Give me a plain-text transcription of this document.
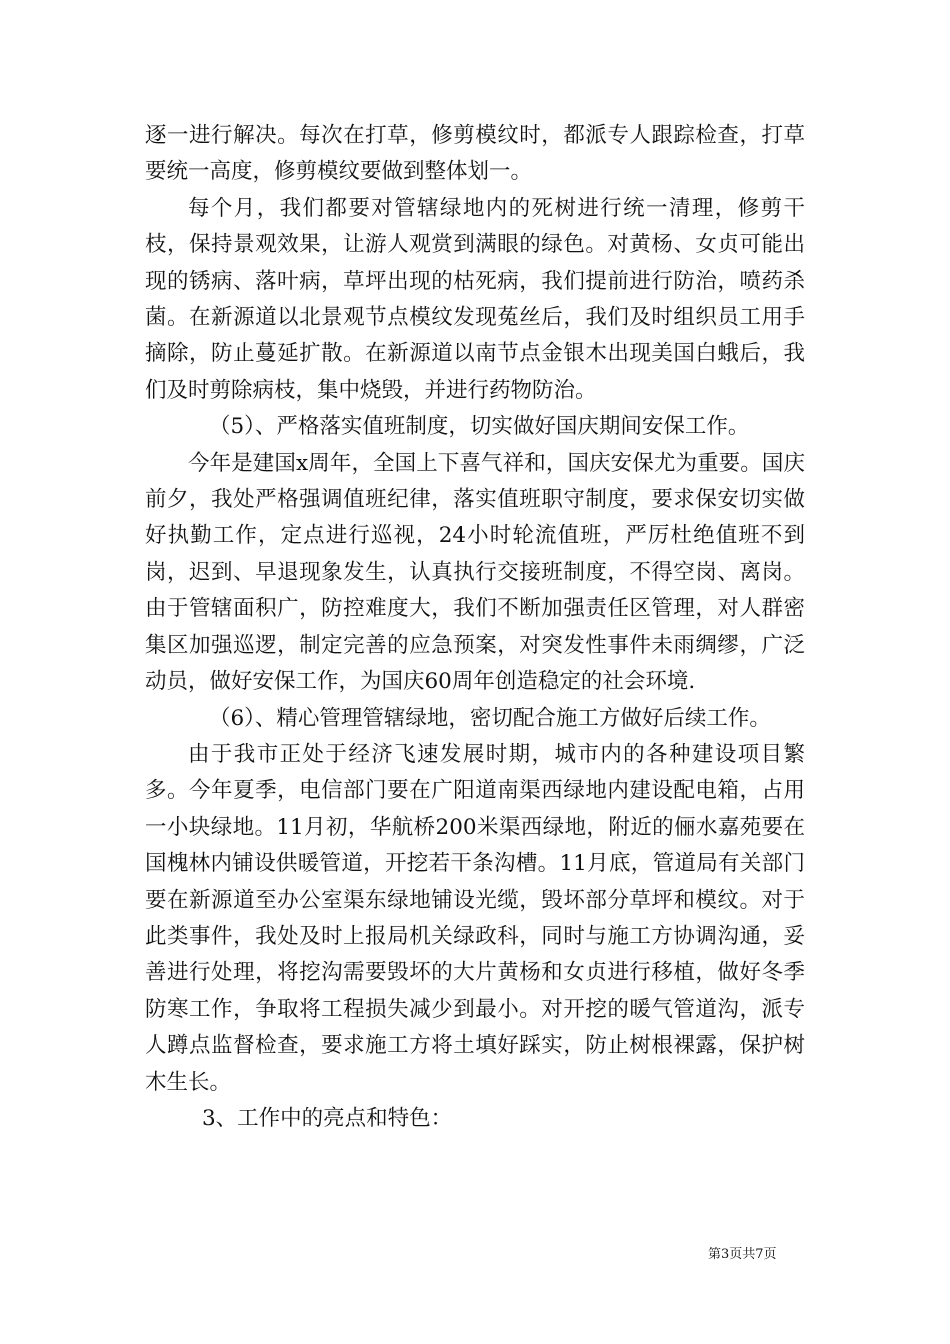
逐一进行解决。每次在打草，修剪模纹时，都派专人跟踪检查，打草要统一高度，修剪模纹要做到整体划一。

每个月，我们都要对管辖绿地内的死树进行统一清理，修剪干枝，保持景观效果，让游人观赏到满眼的绿色。对黄杨、女贞可能出现的锈病、落叶病，草坪出现的枯死病，我们提前进行防治，喷药杀菌。在新源道以北景观节点模纹发现菟丝后，我们及时组织员工用手摘除，防止蔓延扩散。在新源道以南节点金银木出现美国白蛾后，我们及时剪除病枝，集中烧毁，并进行药物防治。

（5）、严格落实值班制度，切实做好国庆期间安保工作。

今年是建国x周年，全国上下喜气祥和，国庆安保尤为重要。国庆前夕，我处严格强调值班纪律，落实值班职守制度，要求保安切实做好执勤工作，定点进行巡视，24小时轮流值班，严厉杜绝值班不到岗，迟到、早退现象发生，认真执行交接班制度，不得空岗、离岗。由于管辖面积广，防控难度大，我们不断加强责任区管理，对人群密集区加强巡逻，制定完善的应急预案，对突发性事件未雨绸缪，广泛动员，做好安保工作，为国庆60周年创造稳定的社会环境.

（6）、精心管理管辖绿地，密切配合施工方做好后续工作。

由于我市正处于经济飞速发展时期，城市内的各种建设项目繁多。今年夏季，电信部门要在广阳道南渠西绿地内建设配电箱，占用一小块绿地。11月初，华航桥200米渠西绿地，附近的俪水嘉苑要在国槐林内铺设供暖管道，开挖若干条沟槽。11月底，管道局有关部门要在新源道至办公室渠东绿地铺设光缆，毁坏部分草坪和模纹。对于此类事件，我处及时上报局机关绿政科，同时与施工方协调沟通，妥善进行处理，将挖沟需要毁坏的大片黄杨和女贞进行移植，做好冬季防寒工作，争取将工程损失减少到最小。对开挖的暖气管道沟，派专人蹲点监督检查，要求施工方将土填好踩实，防止树根裸露，保护树木生长。

3、工作中的亮点和特色：

第3页共7页
